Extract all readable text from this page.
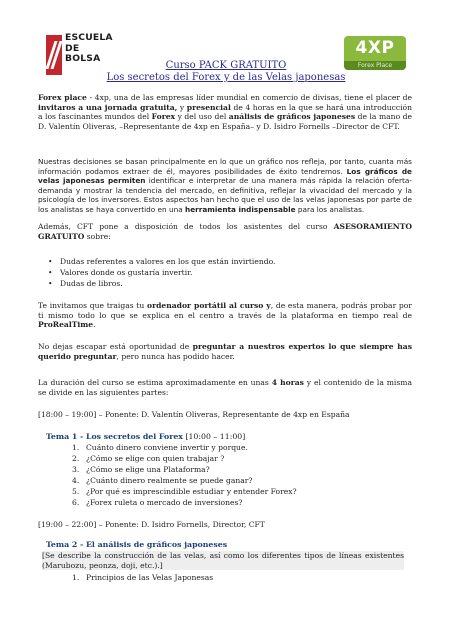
ESCUELA
DE
BOLSA
4XP
Forex Place
Curso PACK GRATUITO
Los secretos del Forex y de las Velas japonesas
Forex place - 4xp, una de las empresas líder mundial en comercio de divisas, tiene el placer de invitaros a una jornada gratuita, y presencial de 4 horas en la que se hará una introducción a los fascinantes mundos del Forex y del uso del análisis de gráficos japoneses de la mano de D. Valentín Oliveras, –Representante de 4xp en España– y D. Isidro Fornells –Director de CFT.
Nuestras decisiones se basan principalmente en lo que un gráfico nos refleja, por tanto, cuanta más información podamos extraer de él, mayores posibilidades de éxito tendremos. Los gráficos de velas japonesas permiten identificar e interpretar de una manera más rápida la relación oferta-demanda y mostrar la tendencia del mercado, en definitiva, reflejar la vivacidad del mercado y la psicología de los inversores. Estos aspectos han hecho que el uso de las velas japonesas por parte de los analistas se haya convertido en una herramienta indispensable para los analistas.
Además, CFT pone a disposición de todos los asistentes del curso ASESORAMIENTO GRATUITO sobre:
• Dudas referentes a valores en los que están invirtiendo.
• Valores donde os gustaría invertir.
• Dudas de libros.
Te invitamos que traigas tu ordenador portátil al curso y, de esta manera, podrás probar por ti mismo todo lo que se explica en el centro a través de la plataforma en tiempo real de ProRealTime.
No dejas escapar está oportunidad de preguntar a nuestros expertos lo que siempre has querido preguntar, pero nunca has podido hacer.
La duración del curso se estima aproximadamente en unas 4 horas y el contenido de la misma se divide en las siguientes partes:
[18:00 – 19:00] – Ponente: D. Valentín Oliveras, Representante de 4xp en España
Tema 1 - Los secretos del Forex [10:00 – 11:00]
1. Cuánto dinero conviene invertir y porque.
2. ¿Cómo se elige con quien trabajar ?
3. ¿Cómo se elige una Plataforma?
4. ¿Cuánto dinero realmente se puede ganar?
5. ¿Por qué es imprescindible estudiar y entender Forex?
6. ¿Forex ruleta o mercado de inversiones?
[19:00 – 22:00] – Ponente: D. Isidro Fornells, Director, CFT
Tema 2 - El análisis de gráficos japoneses
[Se describe la construcción de las velas, así como los diferentes tipos de líneas existentes (Marubozu, peonza, doji, etc.).]
1. Principios de las Velas Japonesas
